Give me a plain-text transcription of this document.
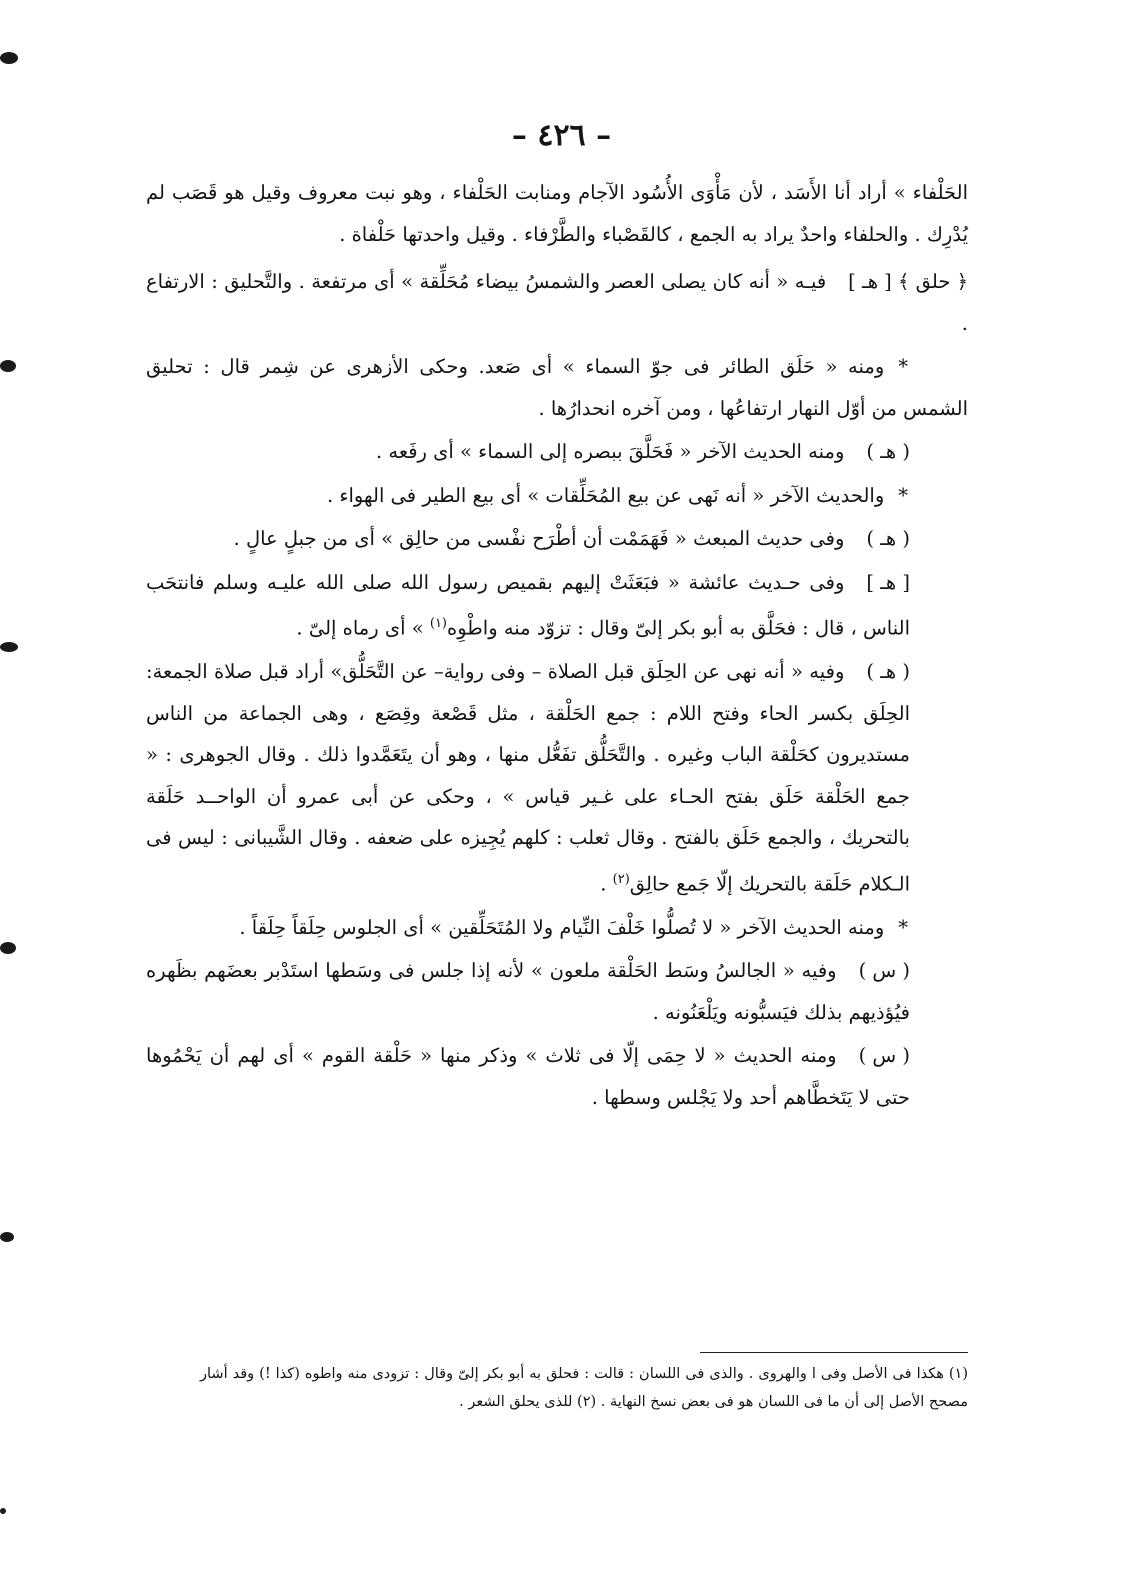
– ٤٢٦ –

الحَلْفاء » أراد أنا الأَسَد ، لأن مَأْوَى الأُسُود الآجام ومنابت الحَلْفاء ، وهو نبت معروف وقيل هو قَصَب لم يُدْرِك . والحلفاء واحدٌ يراد به الجمع ، كالقَصْباء والطَّرْفاء . وقيل واحدتها حَلْفاة .

﴿ حلق ﴾ [ هـ ]فيـه « أنه كان يصلى العصر والشمسُ بيضاء مُحَلِّقة » أى مرتفعة . والتَّحليق : الارتفاع .

*ومنه « حَلَق الطائر فى جوّ السماء » أى صَعد. وحكى الأزهرى عن شِمر قال : تحليق الشمس من أوّل النهار ارتفاعُها ، ومن آخره انحدارُها .

( هـ )ومنه الحديث الآخر « فَحَلَّقَ ببصره إلى السماء » أى رفَعه .

*والحديث الآخر « أنه نَهى عن بيع المُحَلِّقات » أى بيع الطير فى الهواء .

( هـ )وفى حديث المبعث « فَهَمَمْت أن أطْرَح نفْسى من حالِق » أى من جبلٍ عالٍ .

[ هـ ]وفى حـديث عائشة « فبَعَثَتْ إليهم بقميص رسول الله صلى الله عليـه وسلم فانتحَب الناس ، قال : فحَلَّق به أبو بكر إلىّ وقال : تزوّد منه واطْوِه$^{(١)}$ » أى رماه إلىّ .

( هـ )وفيه « أنه نهى عن الحِلَق قبل الصلاة – وفى رواية– عن التَّحَلُّق» أراد قبل صلاة الجمعة: الحِلَق بكسر الحاء وفتح اللام : جمع الحَلْقة ، مثل قَصْعة وقِصَع ، وهى الجماعة من الناس مستديرون كحَلْقة الباب وغيره . والتَّحَلُّق تفَعُّل منها ، وهو أن يتَعَمَّدوا ذلك . وقال الجوهرى : « جمع الحَلْقة حَلَق بفتح الحـاء على غـير قياس » ، وحكى عن أبى عمرو أن الواحــد حَلَقة بالتحريك ، والجمع حَلَق بالفتح . وقال ثعلب : كلهم يُجِيزه على ضعفه . وقال الشَّيبانى : ليس فى الـكلام حَلَقة بالتحريك إلّا جَمع حالِق$^{(٢)}$ .

*ومنه الحديث الآخر « لا تُصلُّوا خَلْفَ النِّيام ولا المُتَحَلِّقين » أى الجلوس حِلَقاً حِلَقاً .

( س )وفيه « الجالسُ وسَط الحَلْقة ملعون » لأنه إذا جلس فى وسَطها استَدْبر بعضَهم بظَهره فيُؤذيهم بذلك فيَسبُّونه ويَلْعَنُونه .

( س )ومنه الحديث « لا حِمَى إلّا فى ثلاث » وذكر منها « حَلْقة القوم » أى لهم أن يَحْمُوها حتى لا يَتَخطَّاهم أحد ولا يَجْلس وسطها .

(١) هكذا فى الأصل وفى ا والهروى . والذى فى اللسان : قالت : فحلق به أبو بكر إلىّ وقال : تزودى منه واطوه (كذا !) وقد أشار مصحح الأصل إلى أن ما فى اللسان هو فى بعض نسخ النهاية . (٢) للذى يحلق الشعر .
